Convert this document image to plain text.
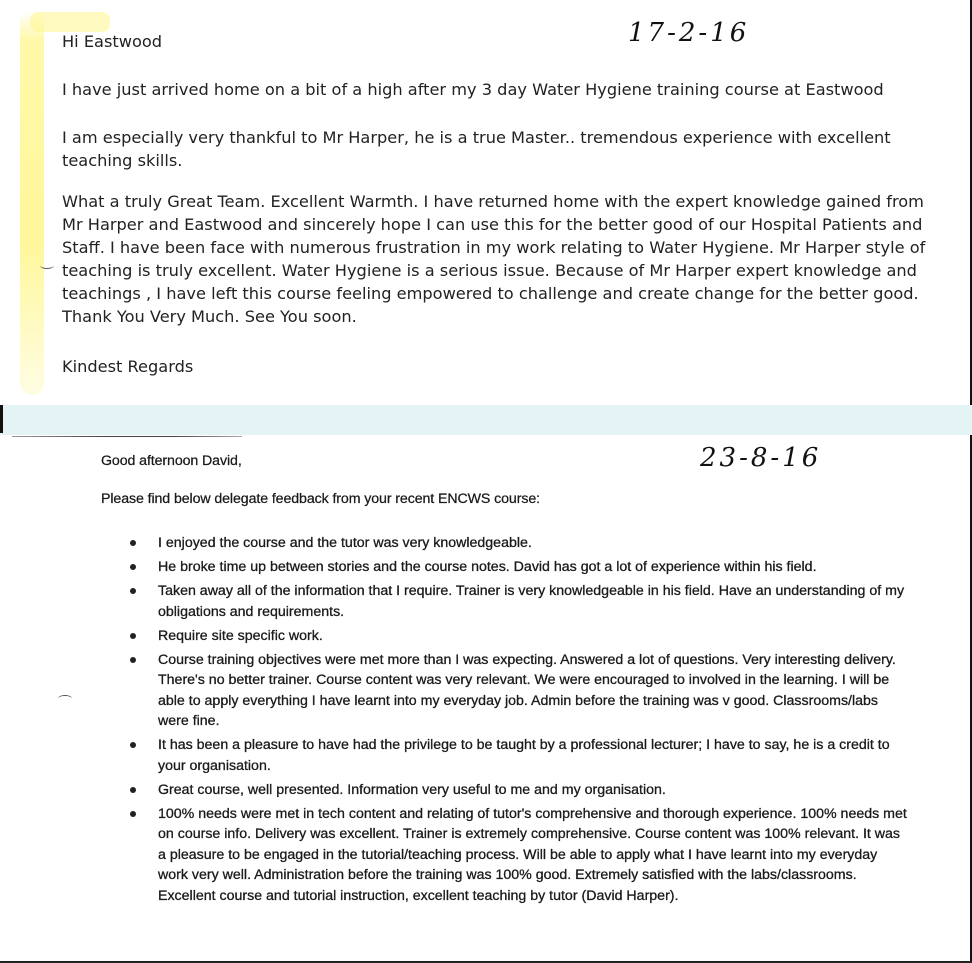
17-2-16
Hi Eastwood
I have just arrived home on a bit of a high after my 3 day Water Hygiene training course at Eastwood
I am especially very thankful to Mr Harper, he is a true Master.. tremendous experience with excellent teaching skills.
What a truly Great Team. Excellent Warmth. I have returned home with the expert knowledge gained from Mr Harper and Eastwood and sincerely hope I can use this for the better good of our Hospital Patients and Staff. I have been face with numerous frustration in my work relating to Water Hygiene. Mr Harper style of teaching is truly excellent. Water Hygiene is a serious issue. Because of Mr Harper expert knowledge and teachings , I have left this course feeling empowered to challenge and create change for the better good. Thank You Very Much. See You soon.
Kindest Regards
23-8-16
Good afternoon David,
Please find below delegate feedback from your recent ENCWS course:
I enjoyed the course and the tutor was very knowledgeable.
He broke time up between stories and the course notes. David has got a lot of experience within his field.
Taken away all of the information that I require. Trainer is very knowledgeable in his field. Have an understanding of my obligations and requirements.
Require site specific work.
Course training objectives were met more than I was expecting. Answered a lot of questions. Very interesting delivery. There's no better trainer. Course content was very relevant. We were encouraged to involved in the learning. I will be able to apply everything I have learnt into my everyday job. Admin before the training was v good. Classrooms/labs were fine.
It has been a pleasure to have had the privilege to be taught by a professional lecturer; I have to say, he is a credit to your organisation.
Great course, well presented. Information very useful to me and my organisation.
100% needs were met in tech content and relating of tutor's comprehensive and thorough experience. 100% needs met on course info. Delivery was excellent. Trainer is extremely comprehensive. Course content was 100% relevant. It was a pleasure to be engaged in the tutorial/teaching process. Will be able to apply what I have learnt into my everyday work very well. Administration before the training was 100% good. Extremely satisfied with the labs/classrooms. Excellent course and tutorial instruction, excellent teaching by tutor (David Harper).
